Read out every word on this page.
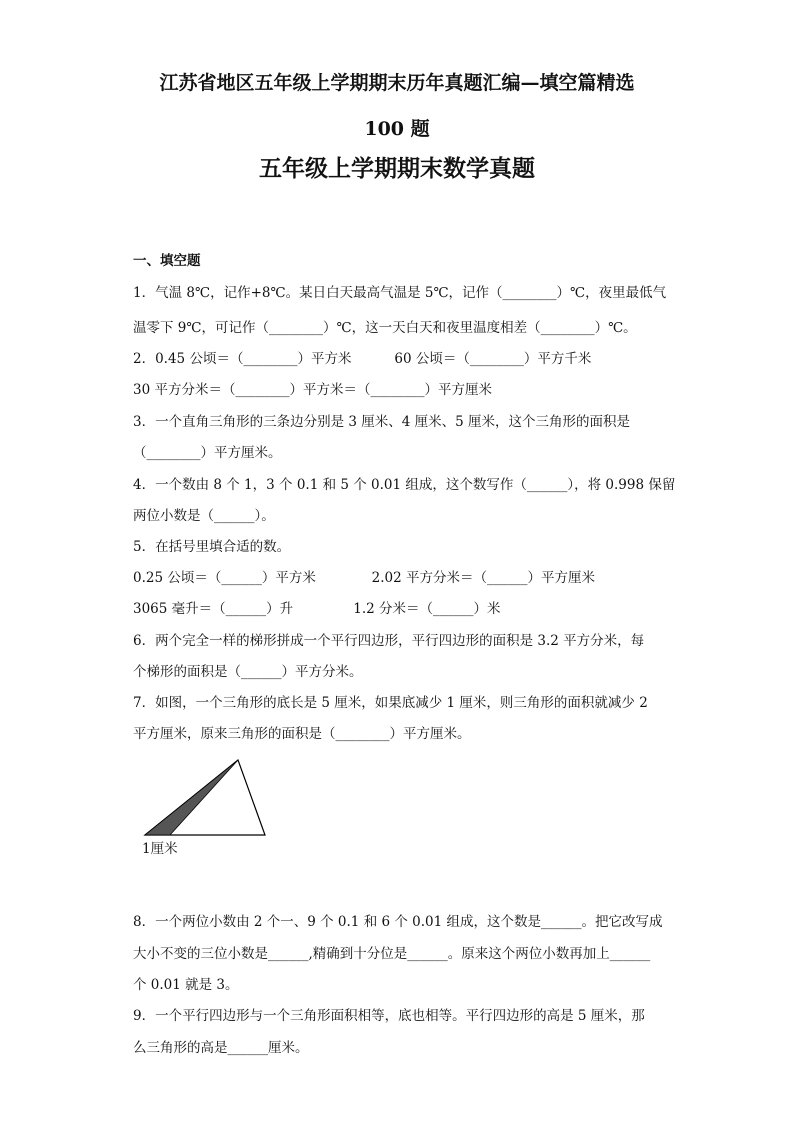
江苏省地区五年级上学期期末历年真题汇编—填空篇精选
100 题
五年级上学期期末数学真题
一、填空题
1．气温 8℃，记作+8℃。某日白天最高气温是 5℃，记作（________）℃，夜里最低气
温零下 9℃，可记作（________）℃，这一天白天和夜里温度相差（________）℃。
2．0.45 公顷＝（________）平方米          60 公顷＝（________）平方千米
30 平方分米＝（________）平方米＝（________）平方厘米
3．一个直角三角形的三条边分别是 3 厘米、4 厘米、5 厘米，这个三角形的面积是
（________）平方厘米。
4．一个数由 8 个 1，3 个 0.1 和 5 个 0.01 组成，这个数写作（______），将 0.998 保留
两位小数是（______）。
5．在括号里填合适的数。
0.25 公顷＝（______）平方米             2.02 平方分米＝（______）平方厘米
3065 毫升＝（______）升              1.2 分米＝（______）米
6．两个完全一样的梯形拼成一个平行四边形，平行四边形的面积是 3.2 平方分米，每
个梯形的面积是（______）平方分米。
7．如图，一个三角形的底长是 5 厘米，如果底减少 1 厘米，则三角形的面积就减少 2
平方厘米，原来三角形的面积是（________）平方厘米。
1厘米
8．一个两位小数由 2 个一、9 个 0.1 和 6 个 0.01 组成，这个数是______。把它改写成
大小不变的三位小数是______,精确到十分位是______。原来这个两位小数再加上______
个 0.01 就是 3。
9．一个平行四边形与一个三角形面积相等，底也相等。平行四边形的高是 5 厘米，那
么三角形的高是______厘米。
